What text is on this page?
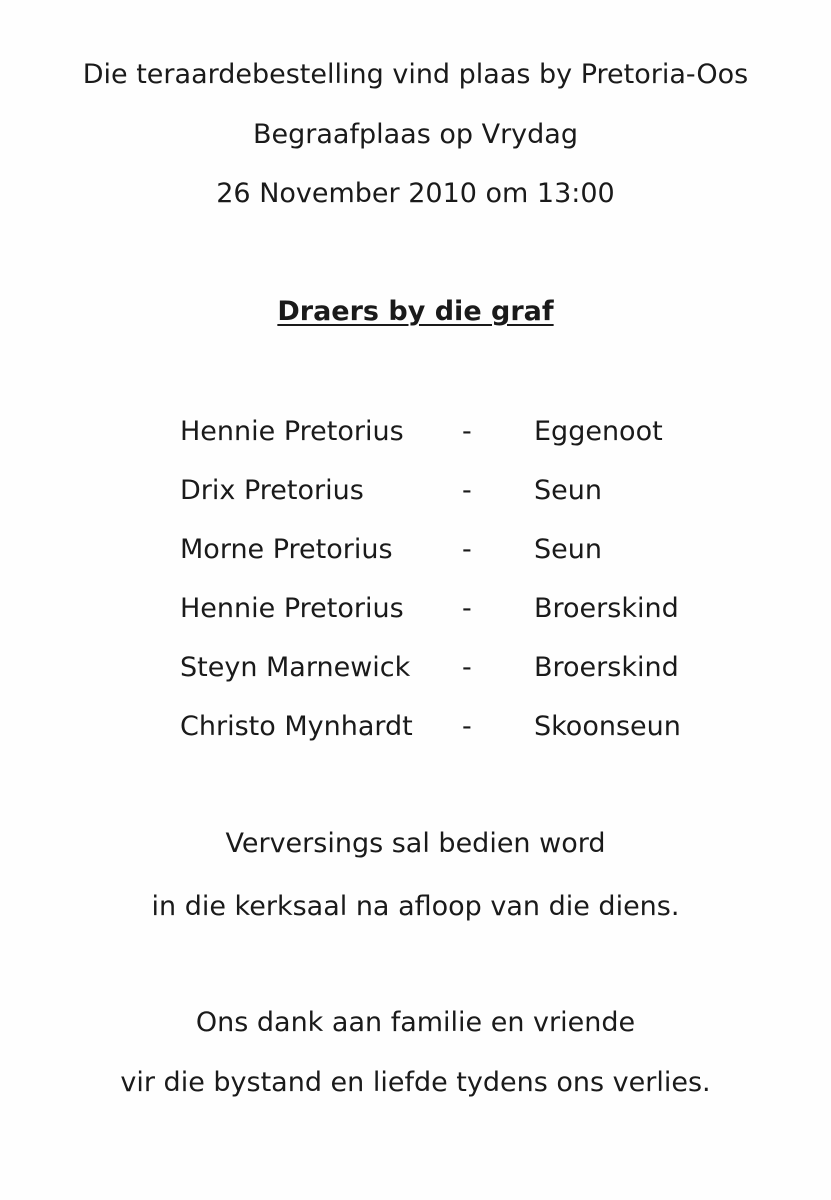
Die teraardebestelling vind plaas by Pretoria-Oos
Begraafplaas op Vrydag
26 November 2010 om 13:00
Draers by die graf
Hennie Pretorius - Eggenoot
Drix Pretorius	- Seun
Morne Pretorius	- Seun
Hennie Pretorius - Broerskind
Steyn Marnewick - Broerskind
Christo Mynhardt - Skoonseun
Verversings sal bedien word
in die kerksaal na afloop van die diens.
Ons dank aan familie en vriende
vir die bystand en liefde tydens ons verlies.
